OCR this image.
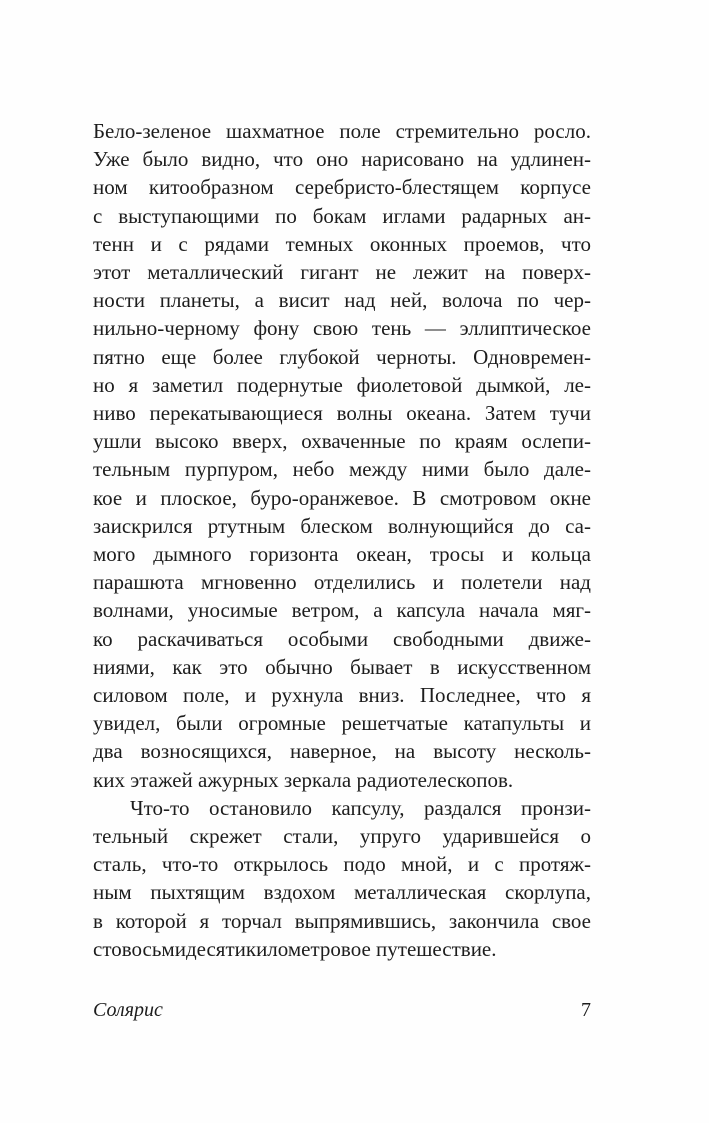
Бело-зеленое шахматное поле стремительно росло.
Уже было видно, что оно нарисовано на удлинен-
ном китообразном серебристо-блестящем корпусе
с выступающими по бокам иглами радарных ан-
тенн и с рядами темных оконных проемов, что
этот металлический гигант не лежит на поверх-
ности планеты, а висит над ней, волоча по чер-
нильно-черному фону свою тень — эллиптическое
пятно еще более глубокой черноты. Одновремен-
но я заметил подернутые фиолетовой дымкой, ле-
ниво перекатывающиеся волны океана. Затем тучи
ушли высоко вверх, охваченные по краям ослепи-
тельным пурпуром, небо между ними было дале-
кое и плоское, буро-оранжевое. В смотровом окне
заискрился ртутным блеском волнующийся до са-
мого дымного горизонта океан, тросы и кольца
парашюта мгновенно отделились и полетели над
волнами, уносимые ветром, а капсула начала мяг-
ко раскачиваться особыми свободными движе-
ниями, как это обычно бывает в искусственном
силовом поле, и рухнула вниз. Последнее, что я
увидел, были огромные решетчатые катапульты и
два возносящихся, наверное, на высоту несколь-
ких этажей ажурных зеркала радиотелескопов.
Что-то остановило капсулу, раздался пронзи-
тельный скрежет стали, упруго ударившейся о
сталь, что-то открылось подо мной, и с протяж-
ным пыхтящим вздохом металлическая скорлупа,
в которой я торчал выпрямившись, закончила свое
стовосьмидесятикилометровое путешествие.
Солярис	7
